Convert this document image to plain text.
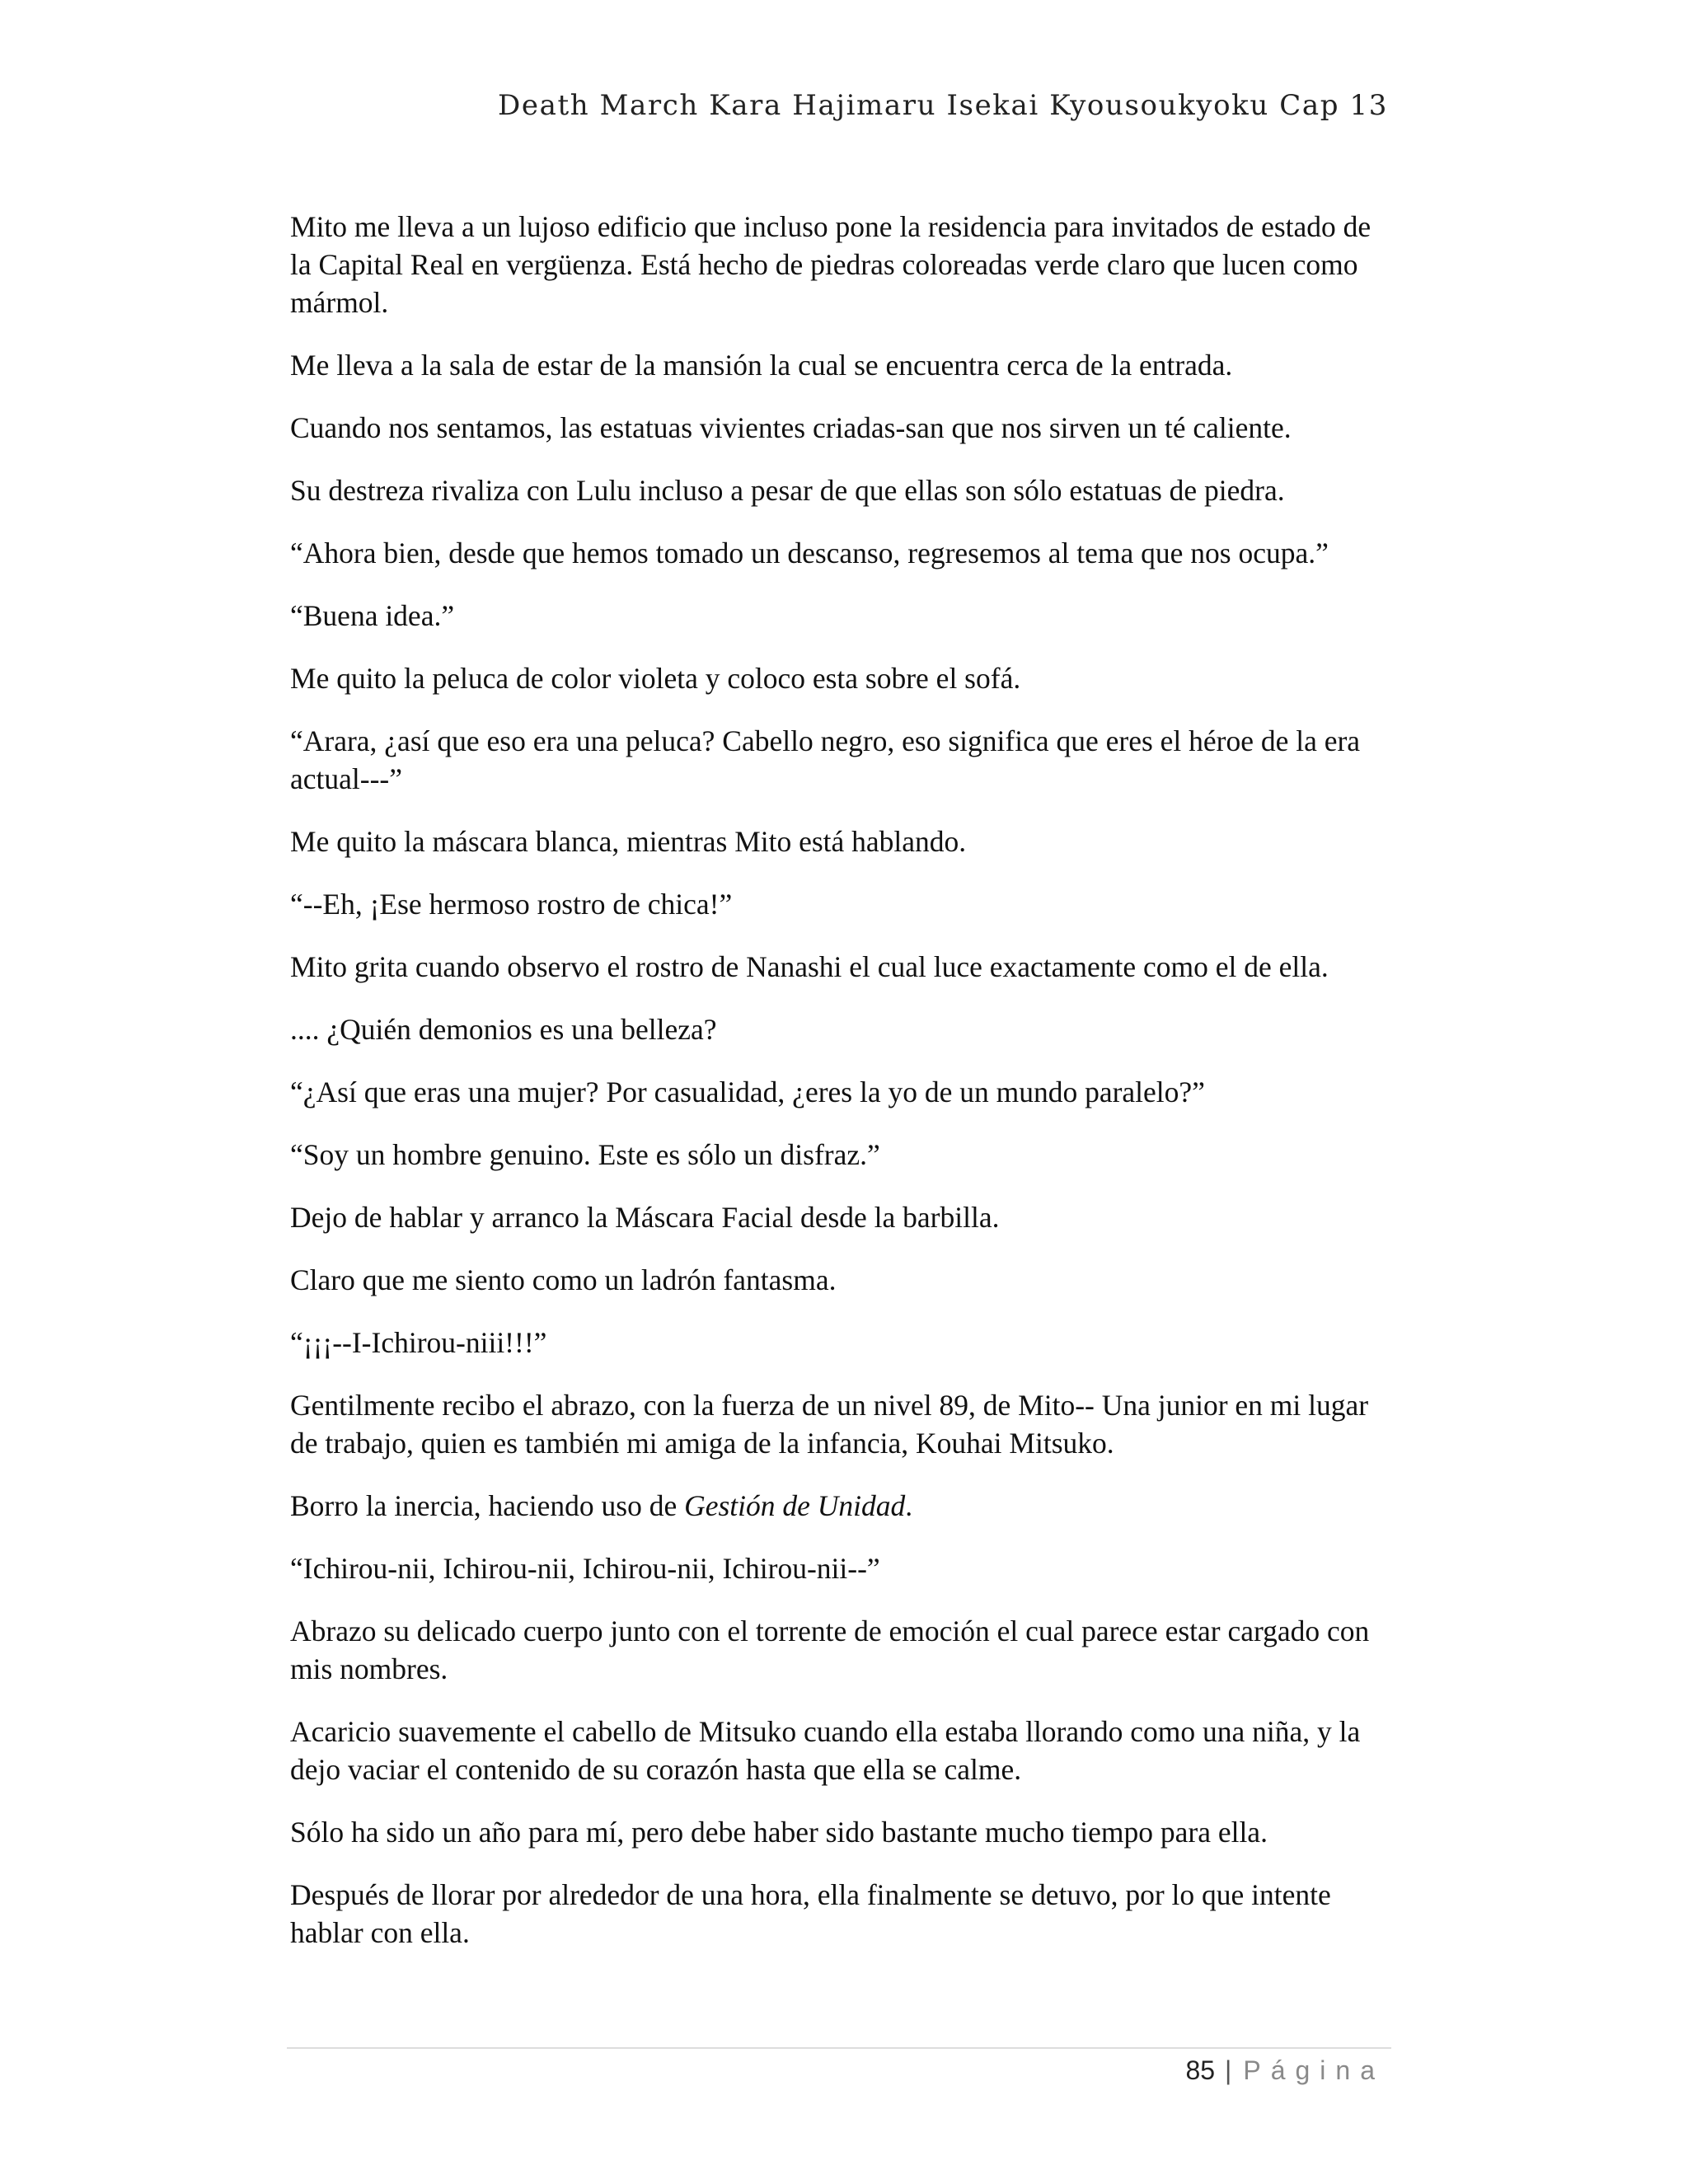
Death March Kara Hajimaru Isekai Kyousoukyoku Cap 13

Mito me lleva a un lujoso edificio que incluso pone la residencia para invitados de estado de la Capital Real en vergüenza. Está hecho de piedras coloreadas verde claro que lucen como mármol.

Me lleva a la sala de estar de la mansión la cual se encuentra cerca de la entrada.

Cuando nos sentamos, las estatuas vivientes criadas-san que nos sirven un té caliente.

Su destreza rivaliza con Lulu incluso a pesar de que ellas son sólo estatuas de piedra.

“Ahora bien, desde que hemos tomado un descanso, regresemos al tema que nos ocupa.”

“Buena idea.”

Me quito la peluca de color violeta y coloco esta sobre el sofá.

“Arara, ¿así que eso era una peluca? Cabello negro, eso significa que eres el héroe de la era actual---”

Me quito la máscara blanca, mientras Mito está hablando.

“--Eh, ¡Ese hermoso rostro de chica!”

Mito grita cuando observo el rostro de Nanashi el cual luce exactamente como el de ella.

.... ¿Quién demonios es una belleza?

“¿Así que eras una mujer? Por casualidad, ¿eres la yo de un mundo paralelo?”

“Soy un hombre genuino. Este es sólo un disfraz.”

Dejo de hablar y arranco la Máscara Facial desde la barbilla.

Claro que me siento como un ladrón fantasma.

“¡¡¡--I-Ichirou-niii!!!”

Gentilmente recibo el abrazo, con la fuerza de un nivel 89, de Mito-- Una junior en mi lugar de trabajo, quien es también mi amiga de la infancia, Kouhai Mitsuko.

Borro la inercia, haciendo uso de Gestión de Unidad.

“Ichirou-nii, Ichirou-nii, Ichirou-nii, Ichirou-nii--”

Abrazo su delicado cuerpo junto con el torrente de emoción el cual parece estar cargado con mis nombres.

Acaricio suavemente el cabello de Mitsuko cuando ella estaba llorando como una niña, y la dejo vaciar el contenido de su corazón hasta que ella se calme.

Sólo ha sido un año para mí, pero debe haber sido bastante mucho tiempo para ella.

Después de llorar por alrededor de una hora, ella finalmente se detuvo, por lo que intente hablar con ella.

85 | Página
